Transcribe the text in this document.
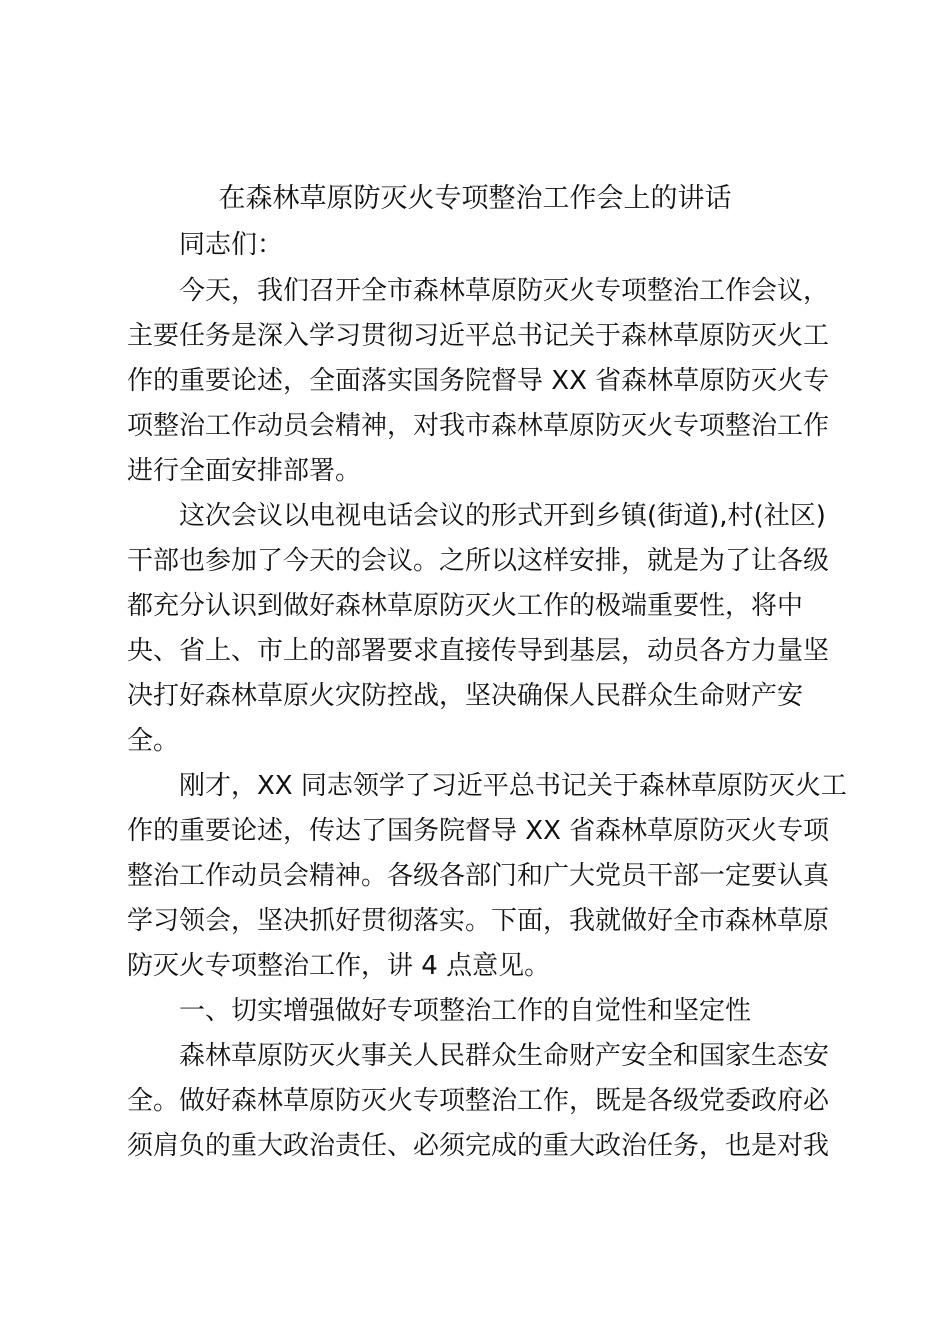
在森林草原防灭火专项整治工作会上的讲话
同志们：
今天，我们召开全市森林草原防灭火专项整治工作会议，
主要任务是深入学习贯彻习近平总书记关于森林草原防灭火工
作的重要论述，全面落实国务院督导 XX 省森林草原防灭火专
项整治工作动员会精神，对我市森林草原防灭火专项整治工作
进行全面安排部署。
这次会议以电视电话会议的形式开到乡镇(街道),村(社区)
干部也参加了今天的会议。之所以这样安排，就是为了让各级
都充分认识到做好森林草原防灭火工作的极端重要性，将中
央、省上、市上的部署要求直接传导到基层，动员各方力量坚
决打好森林草原火灾防控战，坚决确保人民群众生命财产安
全。
刚才，XX 同志领学了习近平总书记关于森林草原防灭火工
作的重要论述，传达了国务院督导 XX 省森林草原防灭火专项
整治工作动员会精神。各级各部门和广大党员干部一定要认真
学习领会，坚决抓好贯彻落实。下面，我就做好全市森林草原
防灭火专项整治工作，讲 4 点意见。
一、切实增强做好专项整治工作的自觉性和坚定性
森林草原防灭火事关人民群众生命财产安全和国家生态安
全。做好森林草原防灭火专项整治工作，既是各级党委政府必
须肩负的重大政治责任、必须完成的重大政治任务，也是对我
